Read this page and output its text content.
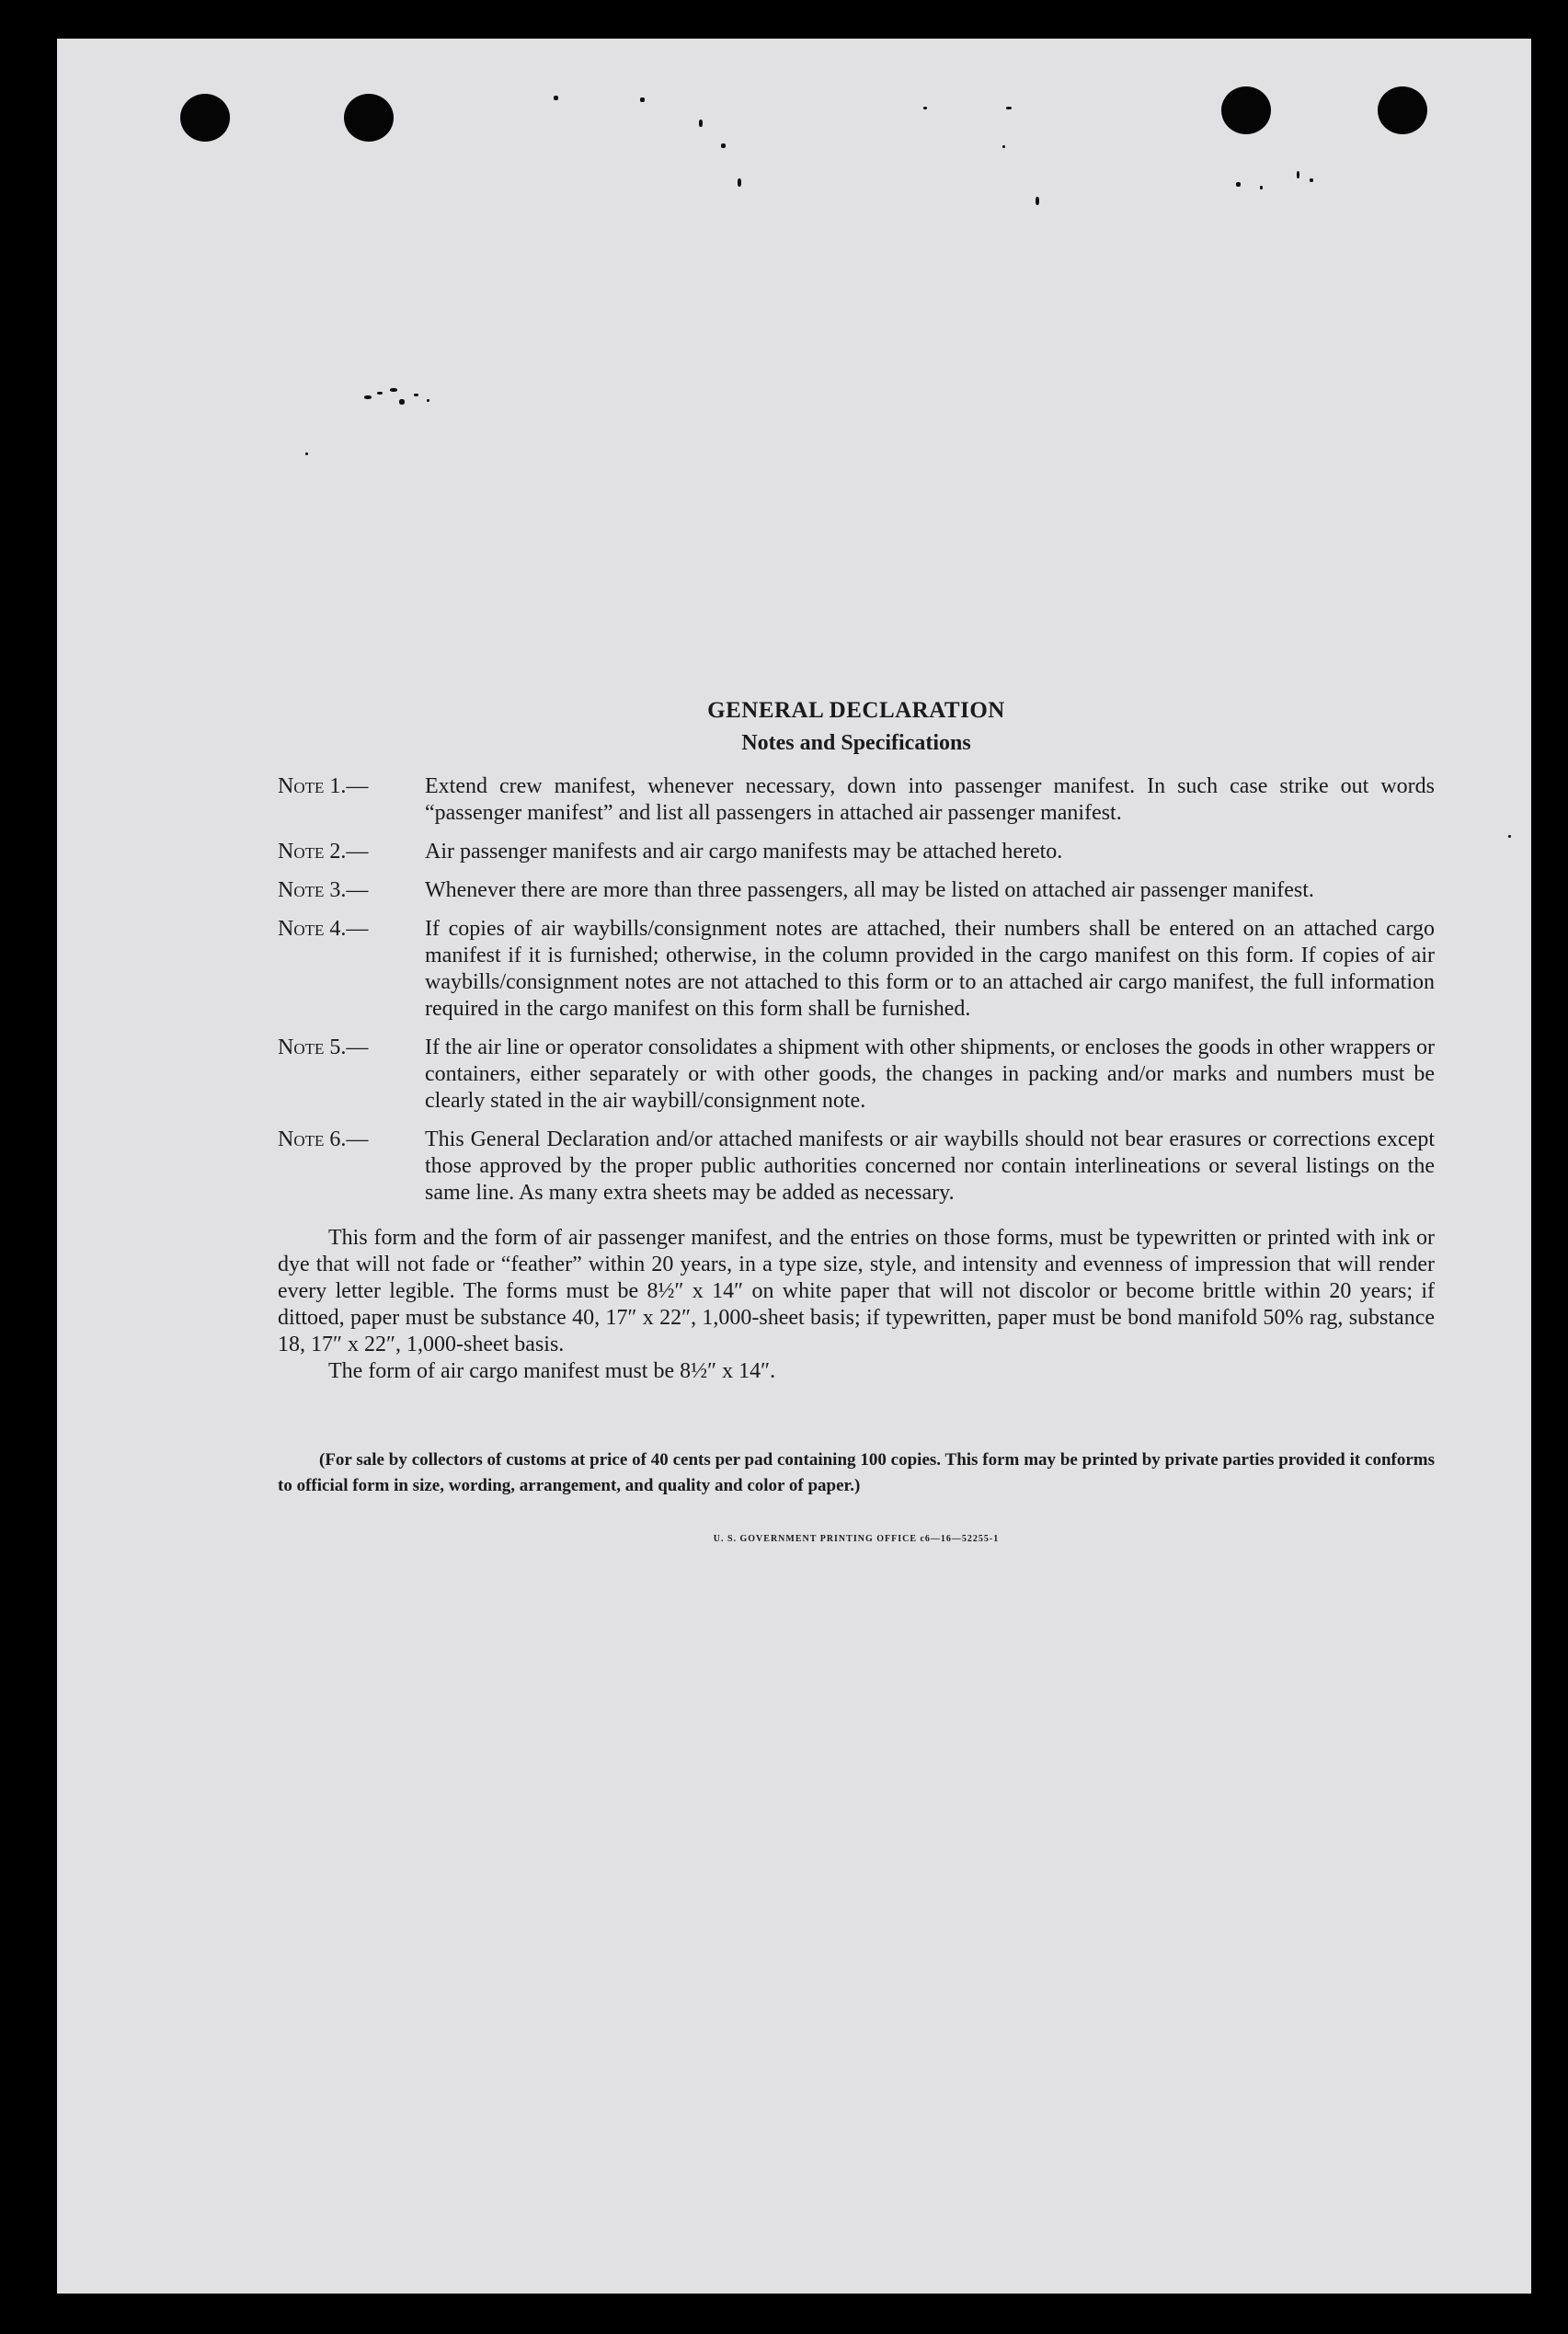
GENERAL DECLARATION
Notes and Specifications

Note 1.—	Extend crew manifest, whenever necessary, down into passenger manifest. In such case strike out words “passenger manifest” and list all passengers in attached air passenger manifest.

Note 2.—	Air passenger manifests and air cargo manifests may be attached hereto.

Note 3.—	Whenever there are more than three passengers, all may be listed on attached air passenger manifest.

Note 4.—	If copies of air waybills/consignment notes are attached, their numbers shall be entered on an attached cargo manifest if it is furnished; otherwise, in the column provided in the cargo manifest on this form. If copies of air waybills/consignment notes are not attached to this form or to an attached air cargo manifest, the full information required in the cargo manifest on this form shall be furnished.

Note 5.—	If the air line or operator consolidates a shipment with other shipments, or encloses the goods in other wrappers or containers, either separately or with other goods, the changes in packing and/or marks and numbers must be clearly stated in the air waybill/consignment note.

Note 6.—	This General Declaration and/or attached manifests or air waybills should not bear erasures or corrections except those approved by the proper public authorities concerned nor contain interlineations or several listings on the same line. As many extra sheets may be added as necessary.

This form and the form of air passenger manifest, and the entries on those forms, must be typewritten or printed with ink or dye that will not fade or “feather” within 20 years, in a type size, style, and intensity and evenness of impression that will render every letter legible. The forms must be 8½″ x 14″ on white paper that will not discolor or become brittle within 20 years; if dittoed, paper must be substance 40, 17″ x 22″, 1,000-sheet basis; if typewritten, paper must be bond manifold 50% rag, substance 18, 17″ x 22″, 1,000-sheet basis.

The form of air cargo manifest must be 8½″ x 14″.

(For sale by collectors of customs at price of 40 cents per pad containing 100 copies. This form may be printed by private parties provided it conforms to official form in size, wording, arrangement, and quality and color of paper.)

U. S. GOVERNMENT PRINTING OFFICE c6—16—52255-1
